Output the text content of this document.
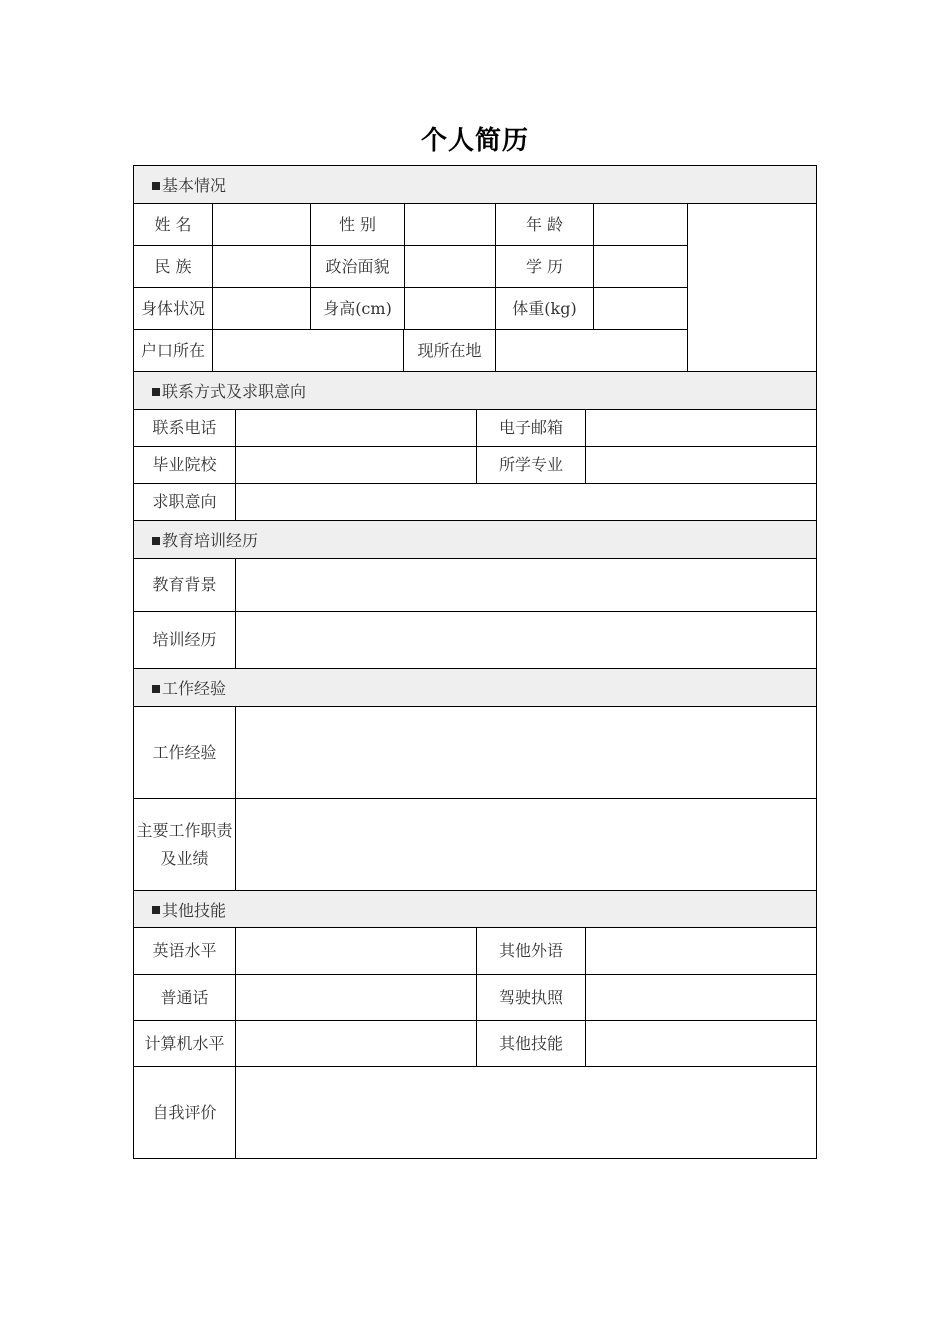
个人简历
基本情况
姓 名	性 别	年 龄
民 族	政治面貌	学 历
身体状况	身高(cm)	体重(kg)
户口所在	现所在地
联系方式及求职意向
联系电话	电子邮箱
毕业院校	所学专业
求职意向
教育培训经历
教育背景
培训经历
工作经验
工作经验
主要工作职责
及业绩
其他技能
英语水平	其他外语
普通话	驾驶执照
计算机水平	其他技能
自我评价
